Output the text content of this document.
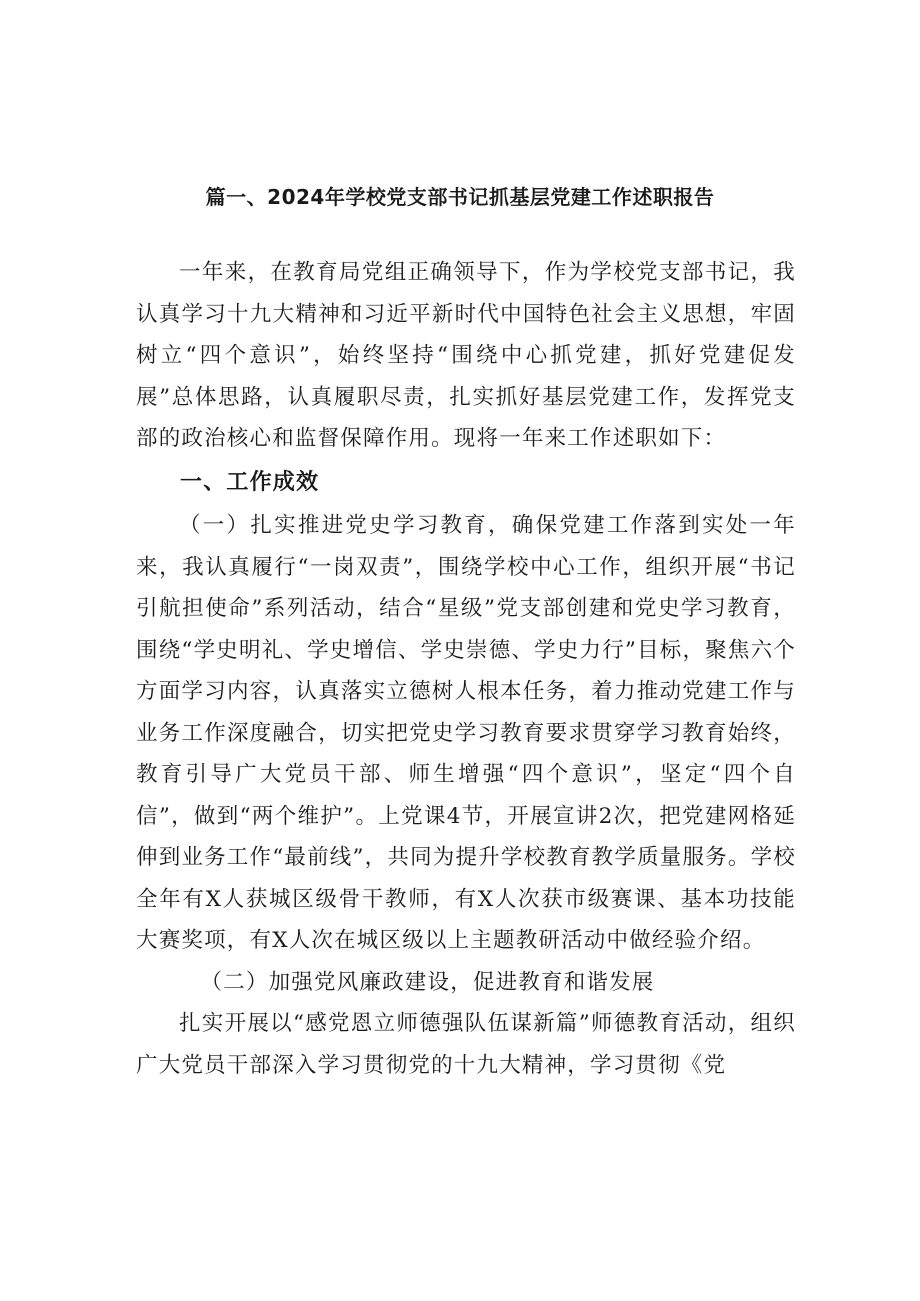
篇一、2024年学校党支部书记抓基层党建工作述职报告

一年来，在教育局党组正确领导下，作为学校党支部书记，我认真学习十九大精神和习近平新时代中国特色社会主义思想，牢固树立“四个意识”，始终坚持“围绕中心抓党建，抓好党建促发展”总体思路，认真履职尽责，扎实抓好基层党建工作，发挥党支部的政治核心和监督保障作用。现将一年来工作述职如下：

一、工作成效

（一）扎实推进党史学习教育，确保党建工作落到实处一年来，我认真履行“一岗双责”，围绕学校中心工作，组织开展“书记引航担使命”系列活动，结合“星级”党支部创建和党史学习教育，围绕“学史明礼、学史增信、学史崇德、学史力行”目标，聚焦六个方面学习内容，认真落实立德树人根本任务，着力推动党建工作与业务工作深度融合，切实把党史学习教育要求贯穿学习教育始终，教育引导广大党员干部、师生增强“四个意识”，坚定“四个自信”，做到“两个维护”。上党课4节，开展宣讲2次，把党建网格延伸到业务工作“最前线”，共同为提升学校教育教学质量服务。学校全年有X人获城区级骨干教师，有X人次获市级赛课、基本功技能大赛奖项，有X人次在城区级以上主题教研活动中做经验介绍。

（二）加强党风廉政建设，促进教育和谐发展

扎实开展以“感党恩立师德强队伍谋新篇”师德教育活动，组织广大党员干部深入学习贯彻党的十九大精神，学习贯彻《党
